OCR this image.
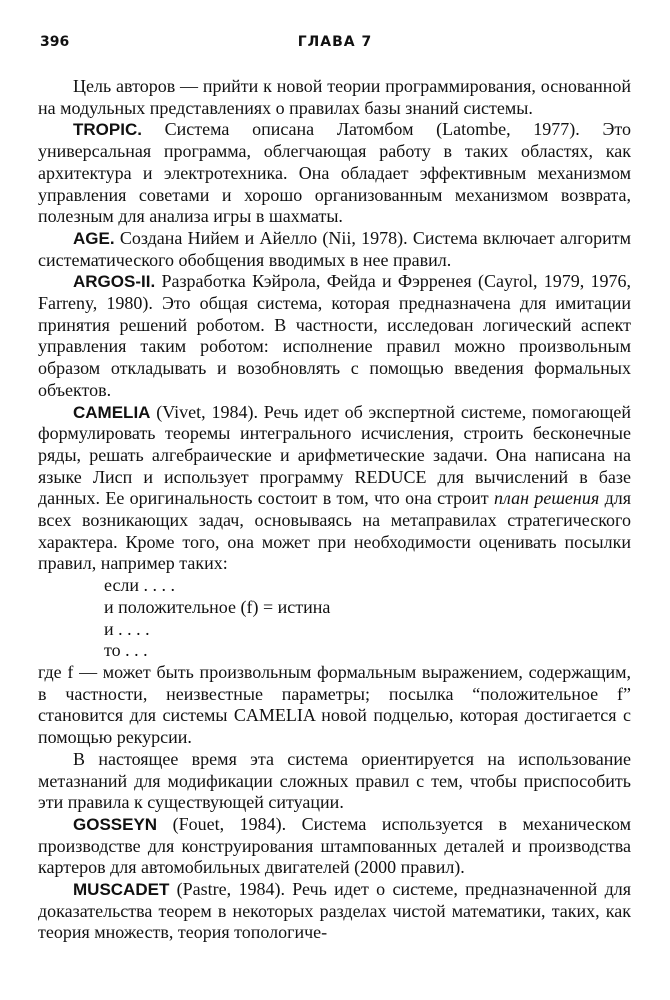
396	ГЛАВА 7

Цель авторов — прийти к новой теории программирования, основанной на модульных представлениях о правилах базы знаний системы.

TROPIC. Система описана Латомбом (Latombe, 1977). Это универсальная программа, облегчающая работу в таких областях, как архитектура и электротехника. Она обладает эффективным механизмом управления советами и хорошо организованным механизмом возврата, полезным для анализа игры в шахматы.

AGE. Создана Нийем и Айелло (Nii, 1978). Система включает алгоритм систематического обобщения вводимых в нее правил.

ARGOS-II. Разработка Кэйрола, Фейда и Фэрренея (Cayrol, 1979, 1976, Farreny, 1980). Это общая система, которая предназначена для имитации принятия решений роботом. В частности, исследован логический аспект управления таким роботом: исполнение правил можно произвольным образом откладывать и возобновлять с помощью введения формальных объектов.

CAMELIA (Vivet, 1984). Речь идет об экспертной системе, помогающей формулировать теоремы интегрального исчисления, строить бесконечные ряды, решать алгебраические и арифметические задачи. Она написана на языке Лисп и использует программу REDUCE для вычислений в базе данных. Ее оригинальность состоит в том, что она строит план решения для всех возникающих задач, основываясь на метаправилах стратегического характера. Кроме того, она может при необходимости оценивать посылки правил, например таких:

если . . . .

и положительное (f) = истина

и . . . .

то . . .

где f — может быть произвольным формальным выражением, содержащим, в частности, неизвестные параметры; посылка “положительное f” становится для системы CAMELIA новой подцелью, которая достигается с помощью рекурсии.

В настоящее время эта система ориентируется на использование метазнаний для модификации сложных правил с тем, чтобы приспособить эти правила к существующей ситуации.

GOSSEYN (Fouet, 1984). Система используется в механическом производстве для конструирования штампованных деталей и производства картеров для автомобильных двигателей (2000 правил).

MUSCADET (Pastre, 1984). Речь идет о системе, предназначенной для доказательства теорем в некоторых разделах чистой математики, таких, как теория множеств, теория топологиче-
